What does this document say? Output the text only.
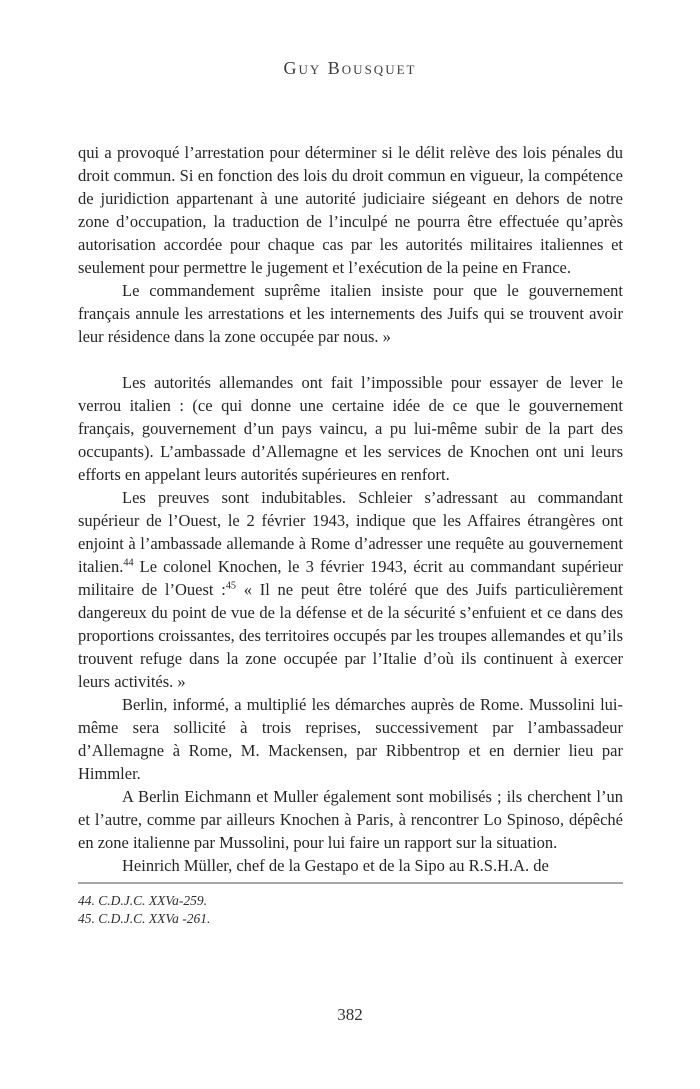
Guy Bousquet

qui a provoqué l’arrestation pour déterminer si le délit relève des lois pénales du droit commun. Si en fonction des lois du droit commun en vigueur, la compétence de juridiction appartenant à une autorité judiciaire siégeant en dehors de notre zone d’occupation, la traduction de l’inculpé ne pourra être effectuée qu’après autorisation accordée pour chaque cas par les autorités militaires italiennes et seulement pour permettre le jugement et l’exécution de la peine en France.

Le commandement suprême italien insiste pour que le gouvernement français annule les arrestations et les internements des Juifs qui se trouvent avoir leur résidence dans la zone occupée par nous. »

Les autorités allemandes ont fait l’impossible pour essayer de lever le verrou italien : (ce qui donne une certaine idée de ce que le gouvernement français, gouvernement d’un pays vaincu, a pu lui-même subir de la part des occupants). L’ambassade d’Allemagne et les services de Knochen ont uni leurs efforts en appelant leurs autorités supérieures en renfort.

Les preuves sont indubitables. Schleier s’adressant au commandant supérieur de l’Ouest, le 2 février 1943, indique que les Affaires étrangères ont enjoint à l’ambassade allemande à Rome d’adresser une requête au gouvernement italien.$^{44}$ Le colonel Knochen, le 3 février 1943, écrit au commandant supérieur militaire de l’Ouest :$^{45}$ « Il ne peut être toléré que des Juifs particulièrement dangereux du point de vue de la défense et de la sécurité s’enfuient et ce dans des proportions croissantes, des territoires occupés par les troupes allemandes et qu’ils trouvent refuge dans la zone occupée par l’Italie d’où ils continuent à exercer leurs activités. »

Berlin, informé, a multiplié les démarches auprès de Rome. Mussolini lui-même sera sollicité à trois reprises, successivement par l’ambassadeur d’Allemagne à Rome, M. Mackensen, par Ribbentrop et en dernier lieu par Himmler.

A Berlin Eichmann et Muller également sont mobilisés ; ils cherchent l’un et l’autre, comme par ailleurs Knochen à Paris, à rencontrer Lo Spinoso, dépêché en zone italienne par Mussolini, pour lui faire un rapport sur la situation.

Heinrich Müller, chef de la Gestapo et de la Sipo au R.S.H.A. de

44. C.D.J.C. XXVa-259.
45. C.D.J.C. XXVa -261.
382
